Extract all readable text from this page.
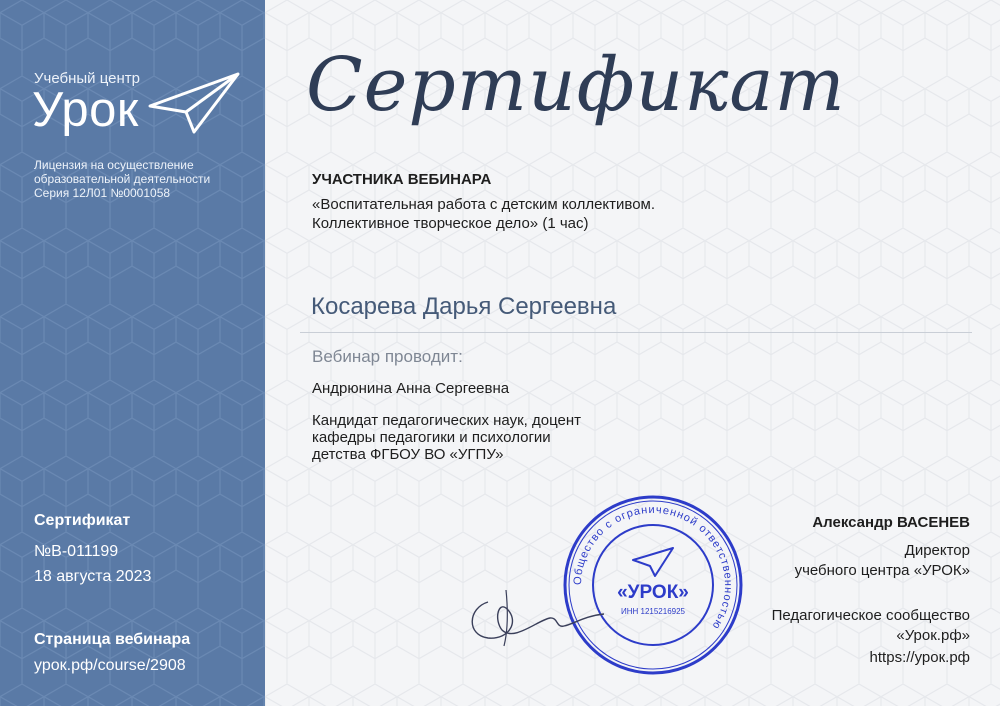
Учебный центр
Урок
Лицензия на осуществление
образовательной деятельности
Серия 12Л01 №0001058
Сертификат
№В-011199
18 августа 2023
Страница вебинара
урок.рф/course/2908
Сертификат
УЧАСТНИКА ВЕБИНАРА
«Воспитательная работа с детским коллективом.
Коллективное творческое дело» (1 час)
Косарева Дарья Сергеевна
Вебинар проводит:
Андрюнина Анна Сергеевна
Кандидат педагогических наук, доцент
кафедры педагогики и психологии
детства ФГБОУ ВО «УГПУ»
Общество с ограниченной ответственностью
«УРОК»
ИНН 1215216925
Александр ВАСЕНЕВ
Директор
учебного центра «УРОК»
Педагогическое сообщество
«Урок.рф»
https://урок.рф
